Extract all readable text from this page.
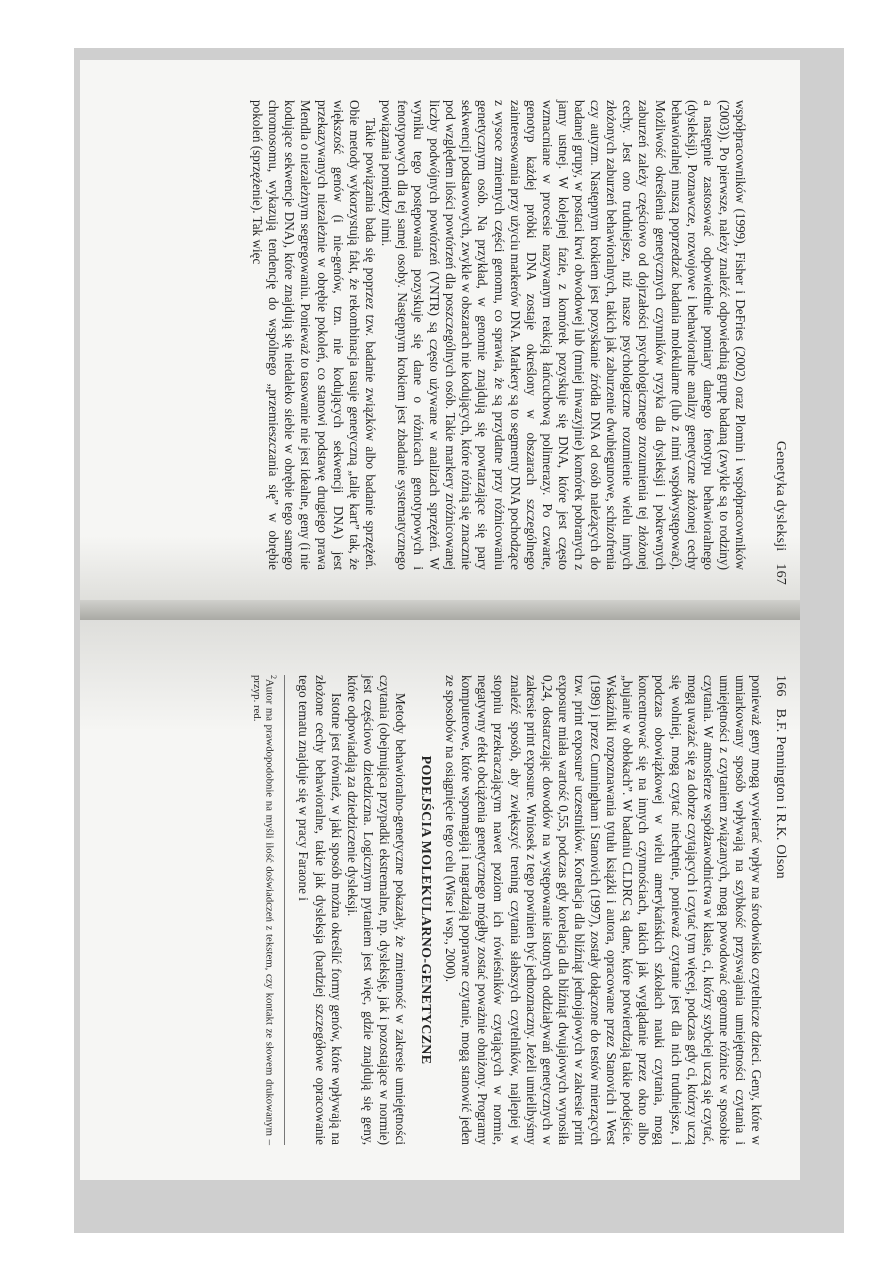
Genetyka dysleksji167

współpracowników (1999), Fisher i DeFries (2002) oraz Plomin i współpracowników (2003)). Po pierwsze, należy znaleźć odpowiednią grupę badaną (zwykle są to rodziny) a następnie zastosować odpowiednie pomiary danego fenotypu behawioralnego (dysleksji). Poznawcze, rozwojowe i behawioralne analizy genetyczne złożonej cechy behawioralnej muszą poprzedzać badania molekularne (lub z nimi współwystępować). Możliwość określenia genetycznych czynników ryzyka dla dysleksji i pokrewnych zaburzeń zależy częściowo od dojrzałości psychologicznego zrozumienia tej złożonej cechy. Jest ono trudniejsze, niż nasze psychologiczne rozumienie wielu innych złożonych zaburzeń behawioralnych, takich jak zaburzenie dwubiegunowe, schizofrenia czy autyzm. Następnym krokiem jest pozyskanie źródła DNA od osób należących do badanej grupy, w postaci krwi obwodowej lub (mniej inwazyjnie) komórek pobranych z jamy ustnej. W kolejnej fazie, z komórek pozyskuje się DNA, które jest często wzmacniane w procesie nazywanym reakcją łańcuchową polimerazy. Po czwarte, genotyp każdej próbki DNA zostaje określony w obszarach szczególnego zainteresowania przy użyciu markerów DNA. Markery są to segmenty DNA pochodzące z wysoce zmiennych części genomu, co sprawia, że są przydatne przy różnicowaniu genetycznym osób. Na przykład, w genomie znajdują się powtarzające się pary sekwencji podstawowych, zwykle w obszarach nie kodujących, które różnią się znacznie pod względem ilości powtórzeń dla poszczególnych osób. Takie markery zróżnicowanej liczby podwójnych powtórzeń (VNTR) są często używane w analizach sprzężeń. W wyniku tego postępowania pozyskuje się dane o różnicach genotypowych i fenotypowych dla tej samej osoby. Następnym krokiem jest zbadanie systematycznego powiązania pomiędzy nimi.

Takie powiązania bada się poprzez tzw. badanie związków albo badanie sprzężeń. Obie metody wykorzystują fakt, że rekombinacja tasuje genetyczną „talię kart” tak, że większość genów (i nie-genów, tzn. nie kodujących sekwencji DNA) jest przekazywanych niezależnie w obrębie pokoleń, co stanowi podstawę drugiego prawa Mendla o niezależnym segregowaniu. Ponieważ to tasowanie nie jest idealne, geny (i nie kodujące sekwencje DNA), które znajdują się niedaleko siebie w obrębie tego samego chromosomu, wykazują tendencję do wspólnego „przemieszczania się” w obrębie pokoleń (sprzężenie). Tak więc

166B.F. Pennington i R.K. Olson

ponieważ geny mogą wywierać wpływ na środowisko czytelnicze dzieci. Geny, które w umiarkowany sposób wpływają na szybkość przyswajania umiejętności czytania i umiejętności z czytaniem związanych, mogą powodować ogromne różnice w sposobie czytania. W atmosferze współzawodnictwa w klasie, ci, którzy szybciej uczą się czytać, mogą uważać się za dobrze czytających i czytać tym więcej, podczas gdy ci, którzy uczą się wolniej, mogą czytać niechętnie, ponieważ czytanie jest dla nich trudniejsze, i podczas obowiązkowej w wielu amerykańskich szkołach nauki czytania, mogą koncentrować się na innych czynnościach, takich jak wyglądanie przez okno albo „bujanie w obłokach”. W badaniu CLDRC są dane, które potwierdzają takie podejście. Wskaźniki rozpoznawania tytułu książki i autora, opracowane przez Stanovich i West (1989) i przez Cunningham i Stanovich (1997), zostały dołączone do testów mierzących tzw. print exposure² uczestników. Korelacja dla bliźniąt jednojajowych w zakresie print exposure miała wartość 0,55, podczas gdy korelacja dla bliźniąt dwujajowych wynosiła 0,24, dostarczając dowodów na występowanie istotnych oddziaływań genetycznych w zakresie print exposure. Wniosek z tego powinien być jednoznaczny. Jeżeli umielibyśmy znaleźć sposób, aby zwiększyć trening czytania słabszych czytelników, najlepiej w stopniu przekraczającym nawet poziom ich rówieśników czytających w normie, negatywny efekt obciążenia genetycznego mógłby zostać poważnie obniżony. Programy komputerowe, które wspomagają i nagradzają poprawne czytanie, mogą stanowić jeden ze sposobów na osiągnięcie tego celu (Wise i wsp., 2000).

PODEJŚCIA MOLEKULARNO-GENETYCZNE

Metody behawioralno-genetyczne pokazały, że zmienność w zakresie umiejętności czytania (obejmująca przypadki ekstremalne, np. dysleksję, jak i pozostające w normie) jest częściowo dziedziczna. Logicznym pytaniem jest więc, gdzie znajdują się geny, które odpowiadają za dziedziczenie dysleksji.

Istotne jest również, w jaki sposób można określić formy genów, które wpływają na złożone cechy behawioralne, takie jak dysleksja (bardziej szczegółowe opracowanie tego tematu znajduje się w pracy Faraone i

$^2$Autor ma prawdopodobnie na myśli ilość doświadczeń z tekstem, czy kontakt ze słowem drukowanym – przyp. red.
